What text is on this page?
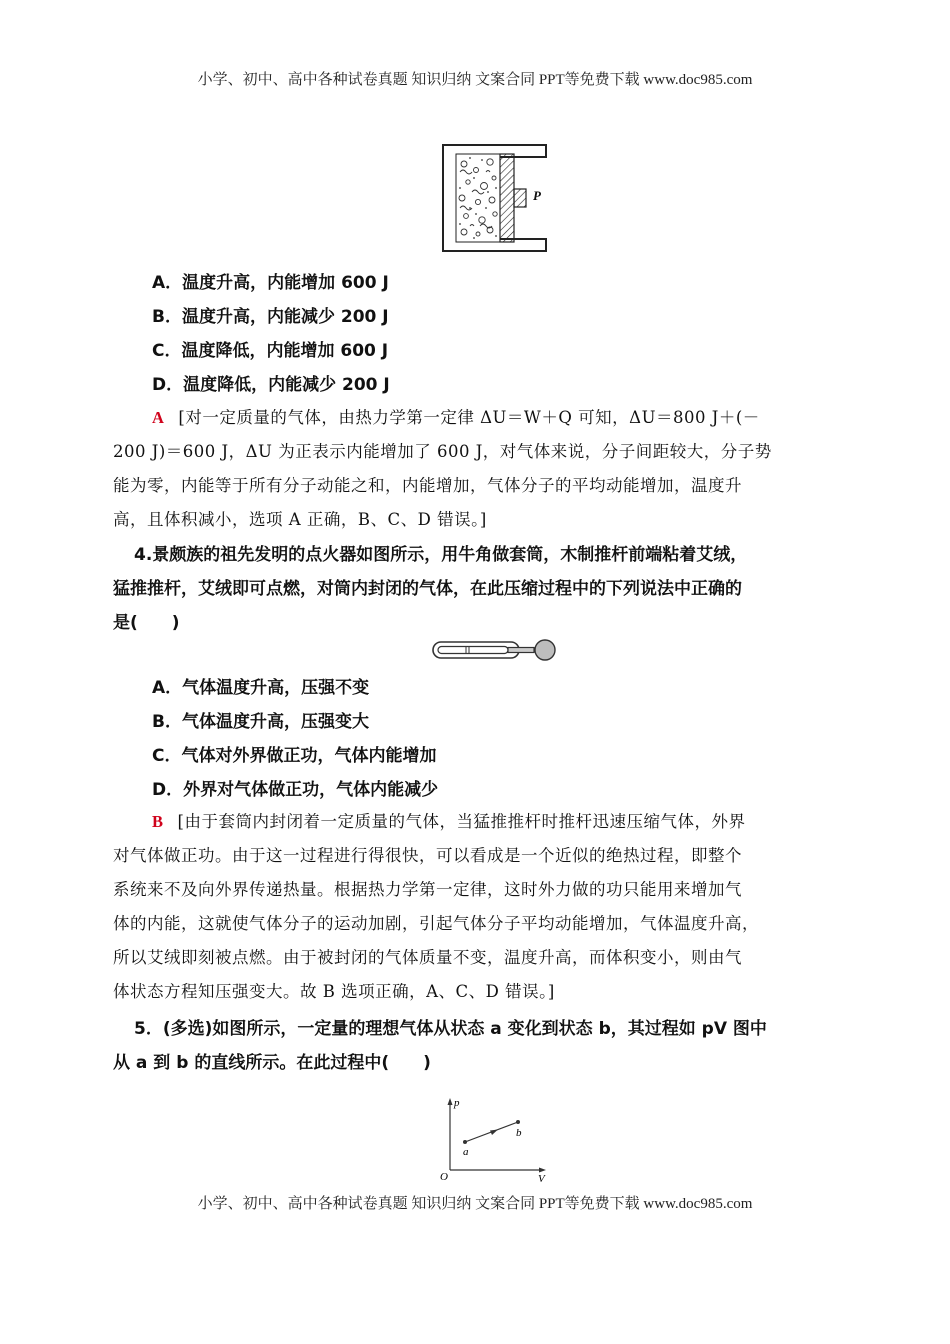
小学、初中、高中各种试卷真题 知识归纳 文案合同 PPT等免费下载 www.doc985.com
P
A．温度升高，内能增加 600 J
B．温度升高，内能减少 200 J
C．温度降低，内能增加 600 J
D．温度降低，内能减少 200 J
A [对一定质量的气体，由热力学第一定律 ΔU＝W＋Q 可知，ΔU＝800 J＋(－
200 J)＝600 J，ΔU 为正表示内能增加了 600 J，对气体来说，分子间距较大，分子势
能为零，内能等于所有分子动能之和，内能增加，气体分子的平均动能增加，温度升
高，且体积减小，选项 A 正确，B、C、D 错误。]
4.景颇族的祖先发明的点火器如图所示，用牛角做套筒，木制推杆前端粘着艾绒，
猛推推杆，艾绒即可点燃，对筒内封闭的气体，在此压缩过程中的下列说法中正确的
是(　　)
A．气体温度升高，压强不变
B．气体温度升高，压强变大
C．气体对外界做正功，气体内能增加
D．外界对气体做正功，气体内能减少
B [由于套筒内封闭着一定质量的气体，当猛推推杆时推杆迅速压缩气体，外界
对气体做正功。由于这一过程进行得很快，可以看成是一个近似的绝热过程，即整个
系统来不及向外界传递热量。根据热力学第一定律，这时外力做的功只能用来增加气
体的内能，这就使气体分子的运动加剧，引起气体分子平均动能增加，气体温度升高，
所以艾绒即刻被点燃。由于被封闭的气体质量不变，温度升高，而体积变小，则由气
体状态方程知压强变大。故 B 选项正确，A、C、D 错误。]
5．(多选)如图所示，一定量的理想气体从状态 a 变化到状态 b，其过程如 pV 图中
从 a 到 b 的直线所示。在此过程中(　　)
p
V
O
a
b
小学、初中、高中各种试卷真题 知识归纳 文案合同 PPT等免费下载 www.doc985.com
